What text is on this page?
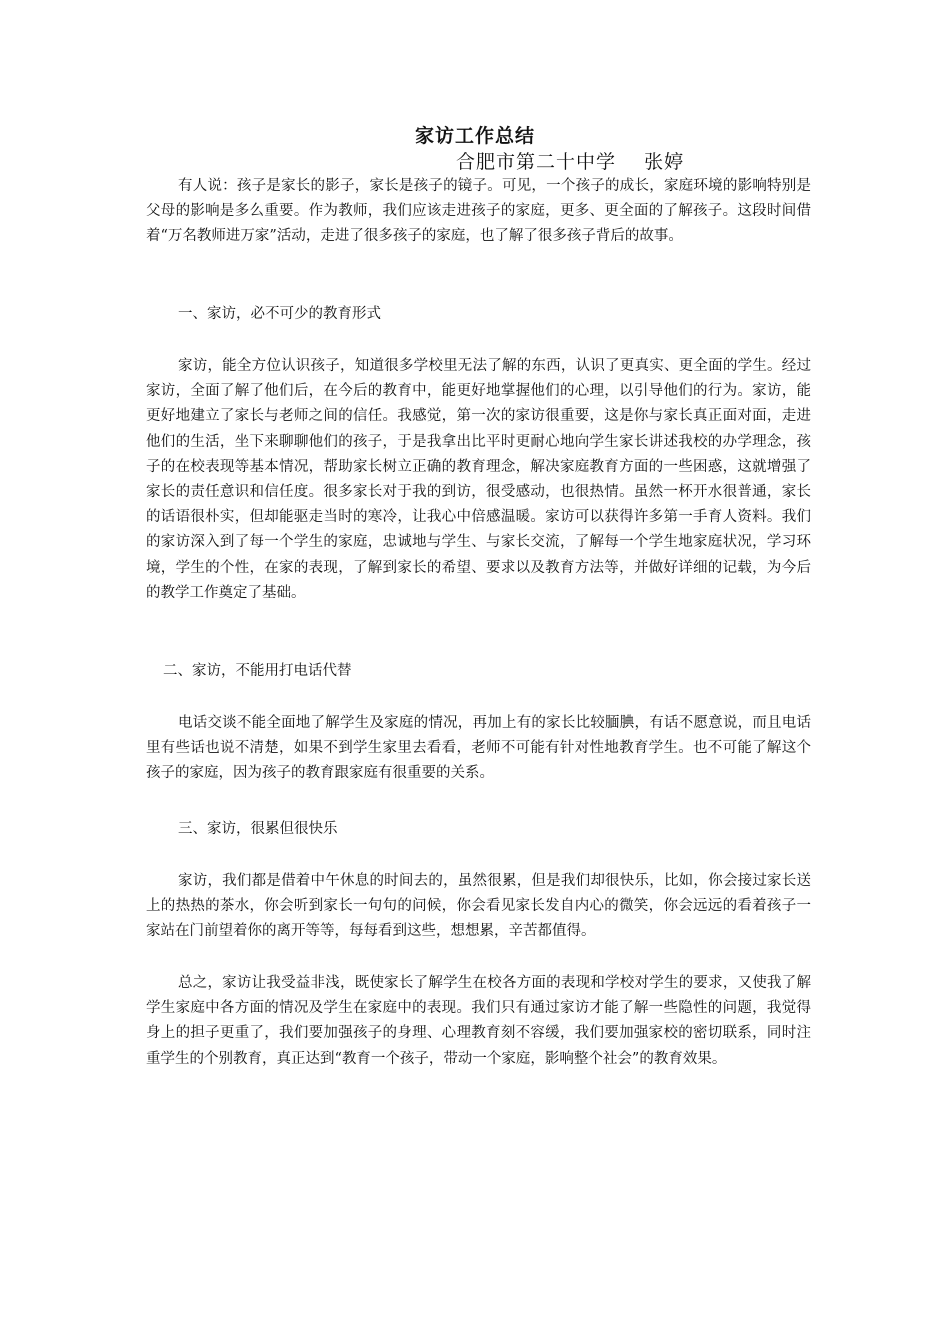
家访工作总结
合肥市第二十中学    张婷

有人说：孩子是家长的影子，家长是孩子的镜子。可见，一个孩子的成长，家庭环境的影响特别是父母的影响是多么重要。作为教师，我们应该走进孩子的家庭，更多、更全面的了解孩子。这段时间借着“万名教师进万家”活动，走进了很多孩子的家庭，也了解了很多孩子背后的故事。

一、家访，必不可少的教育形式

家访，能全方位认识孩子，知道很多学校里无法了解的东西，认识了更真实、更全面的学生。经过家访，全面了解了他们后，在今后的教育中，能更好地掌握他们的心理，以引导他们的行为。家访，能更好地建立了家长与老师之间的信任。我感觉，第一次的家访很重要，这是你与家长真正面对面，走进他们的生活，坐下来聊聊他们的孩子，于是我拿出比平时更耐心地向学生家长讲述我校的办学理念，孩子的在校表现等基本情况，帮助家长树立正确的教育理念，解决家庭教育方面的一些困惑，这就增强了家长的责任意识和信任度。很多家长对于我的到访，很受感动，也很热情。虽然一杯开水很普通，家长的话语很朴实，但却能驱走当时的寒冷，让我心中倍感温暖。家访可以获得许多第一手育人资料。我们的家访深入到了每一个学生的家庭，忠诚地与学生、与家长交流，了解每一个学生地家庭状况，学习环境，学生的个性，在家的表现，了解到家长的希望、要求以及教育方法等，并做好详细的记载，为今后的教学工作奠定了基础。

二、家访，不能用打电话代替

电话交谈不能全面地了解学生及家庭的情况，再加上有的家长比较腼腆，有话不愿意说，而且电话里有些话也说不清楚，如果不到学生家里去看看，老师不可能有针对性地教育学生。也不可能了解这个孩子的家庭，因为孩子的教育跟家庭有很重要的关系。

三、家访，很累但很快乐

家访，我们都是借着中午休息的时间去的，虽然很累，但是我们却很快乐，比如，你会接过家长送上的热热的茶水，你会听到家长一句句的问候，你会看见家长发自内心的微笑，你会远远的看着孩子一家站在门前望着你的离开等等，每每看到这些，想想累，辛苦都值得。

总之，家访让我受益非浅，既使家长了解学生在校各方面的表现和学校对学生的要求，又使我了解学生家庭中各方面的情况及学生在家庭中的表现。我们只有通过家访才能了解一些隐性的问题，我觉得身上的担子更重了，我们要加强孩子的身理、心理教育刻不容缓，我们要加强家校的密切联系，同时注重学生的个别教育，真正达到“教育一个孩子，带动一个家庭，影响整个社会”的教育效果。
